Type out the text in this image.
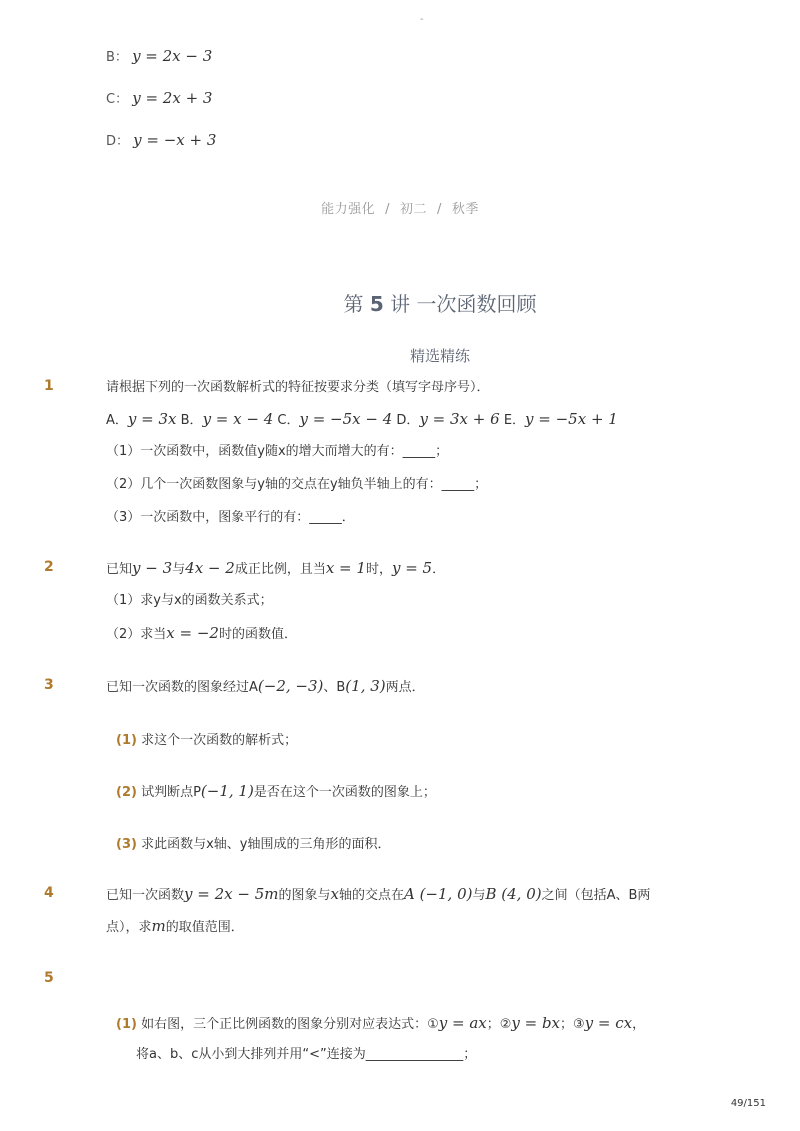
-
B： y = 2x − 3
C： y = 2x + 3
D： y = −x + 3
能力强化 / 初二 / 秋季
第 5 讲 一次函数回顾
精选精练
1	请根据下列的一次函数解析式的特征按要求分类（填写字母序号）．
A．y = 3x B．y = x − 4 C．y = −5x − 4 D．y = 3x + 6 E．y = −5x + 1
（1）一次函数中，函数值y随x的增大而增大的有：_____；
（2）几个一次函数图象与y轴的交点在y轴负半轴上的有：_____；
（3）一次函数中，图象平行的有：_____．
2	已知y − 3与4x − 2成正比例，且当x = 1时，y = 5．
（1）求y与x的函数关系式；
（2）求当x = −2时的函数值．
3	已知一次函数的图象经过A(−2, −3)、B(1, 3)两点．
(1) 求这个一次函数的解析式；
(2) 试判断点P(−1, 1)是否在这个一次函数的图象上；
(3) 求此函数与x轴、y轴围成的三角形的面积．
4	已知一次函数y = 2x − 5m的图象与x轴的交点在A (−1, 0)与B (4, 0)之间（包括A、B两
点），求m的取值范围．
5
(1) 如右图，三个正比例函数的图象分别对应表达式：①y = ax；②y = bx；③y = cx，
将a、b、c从小到大排列并用“<”连接为_______________；
49/151
